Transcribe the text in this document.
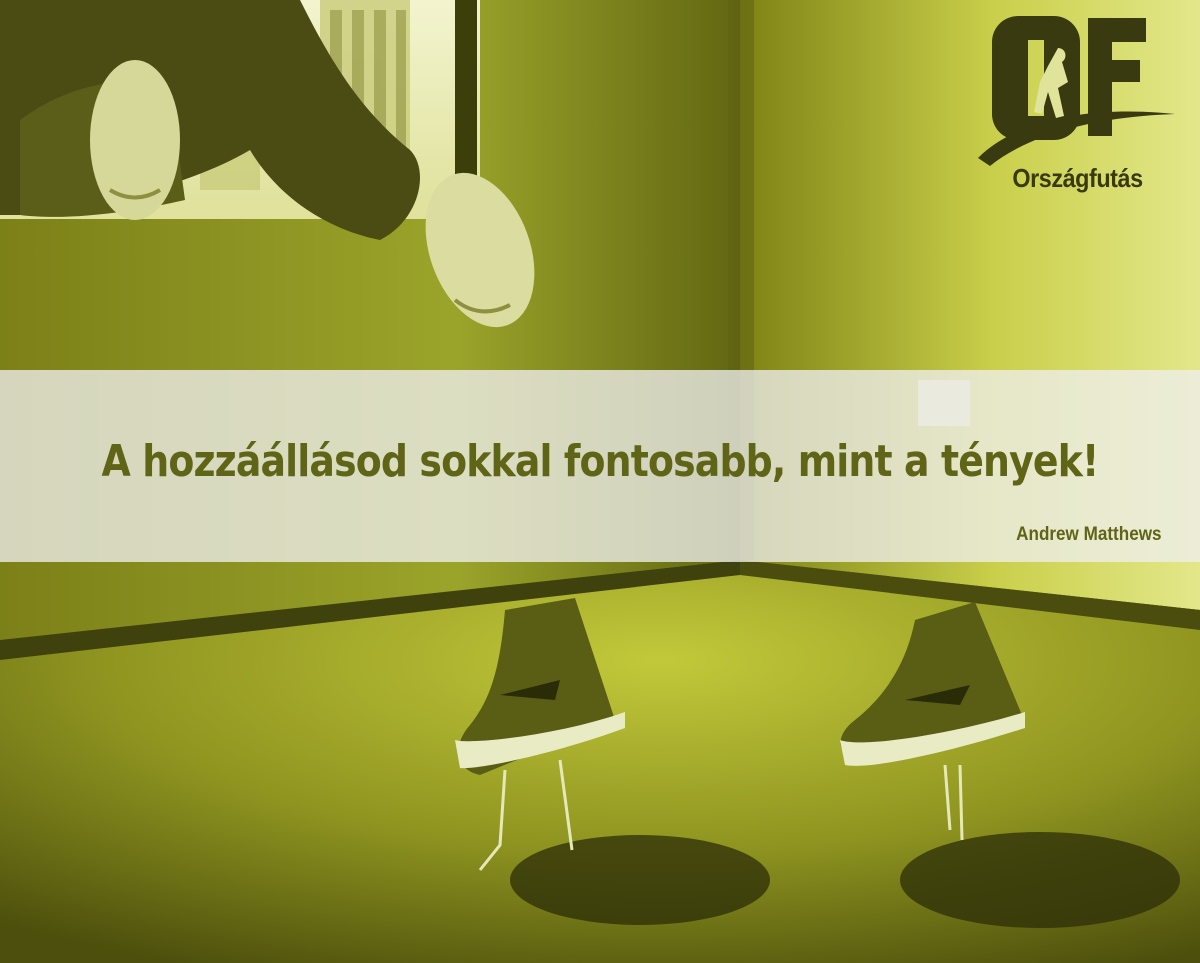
Országfutás
A hozzáállásod sokkal fontosabb, mint a tények!
Andrew Matthews
